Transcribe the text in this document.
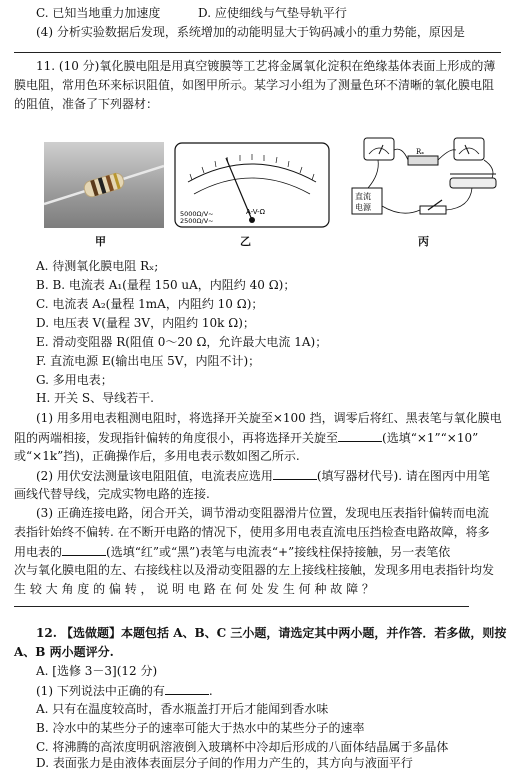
C. 已知当地重力加速度	D. 应使细线与气垫导轨平行
(4) 分析实验数据后发现，系统增加的动能明显大于钩码减小的重力势能，原因是
11. (10 分)氧化膜电阻是用真空镀膜等工艺将金属氧化淀积在绝缘基体表面上形成的薄
膜电阻，常用色环来标识阻值，如图甲所示。某学习小组为了测量色环不清晰的氧化膜电阻
的阻值，准备了下列器材：
甲
A-V-Ω
5000Ω/V~
2500Ω/V~
乙
Rₓ
直流
电源
丙
A. 待测氧化膜电阻 Rₓ;
B. B. 电流表 A₁(量程 150 uA，内阻约 40 Ω)；
C. 电流表 A₂(量程 1mA，内阻约 10 Ω)；
D. 电压表 V(量程 3V，内阻约 10k Ω)；
E. 滑动变阻器 R(阻值 0～20 Ω，允许最大电流 1A)；
F. 直流电源 E(输出电压 5V，内阻不计)；
G. 多用电表；
H. 开关 S、导线若干.
(1) 用多用电表粗测电阻时，将选择开关旋至×100 挡，调零后将红、黑表笔与氧化膜电
阻的两端相接，发现指针偏转的角度很小，再将选择开关旋至	(选填“×1”“×10”
或“×1k”挡)，正确操作后，多用电表示数如图乙所示.
(2) 用伏安法测量该电阻阻值，电流表应选用	(填写器材代号). 请在图丙中用笔
画线代替导线，完成实物电路的连接.
(3) 正确连接电路，闭合开关，调节滑动变阻器滑片位置，发现电压表指针偏转而电流
表指针始终不偏转. 在不断开电路的情况下，使用多用电表直流电压挡检查电路故障，将多
用电表的	(选填“红”或“黑”)表笔与电流表“+”接线柱保持接触，另一表笔依
次与氧化膜电阻的左、右接线柱以及滑动变阻器的左上接线柱接触，发现多用电表指针均发
生 较 大 角 度 的 偏 转 ， 说 明 电 路 在 何 处 发 生 何 种 故 障 ？
12. 【选做题】本题包括 A、B、C 三小题，请选定其中两小题，并作答．若多做，则按
A、B 两小题评分.
A. [选修 3－3](12 分)
(1) 下列说法中正确的有	.
A. 只有在温度较高时，香水瓶盖打开后才能闻到香水味
B. 冷水中的某些分子的速率可能大于热水中的某些分子的速率
C. 将沸腾的高浓度明矾溶液倒入玻璃杯中冷却后形成的八面体结晶属于多晶体
D. 表面张力是由液体表面层分子间的作用力产生的，其方向与液面平行
